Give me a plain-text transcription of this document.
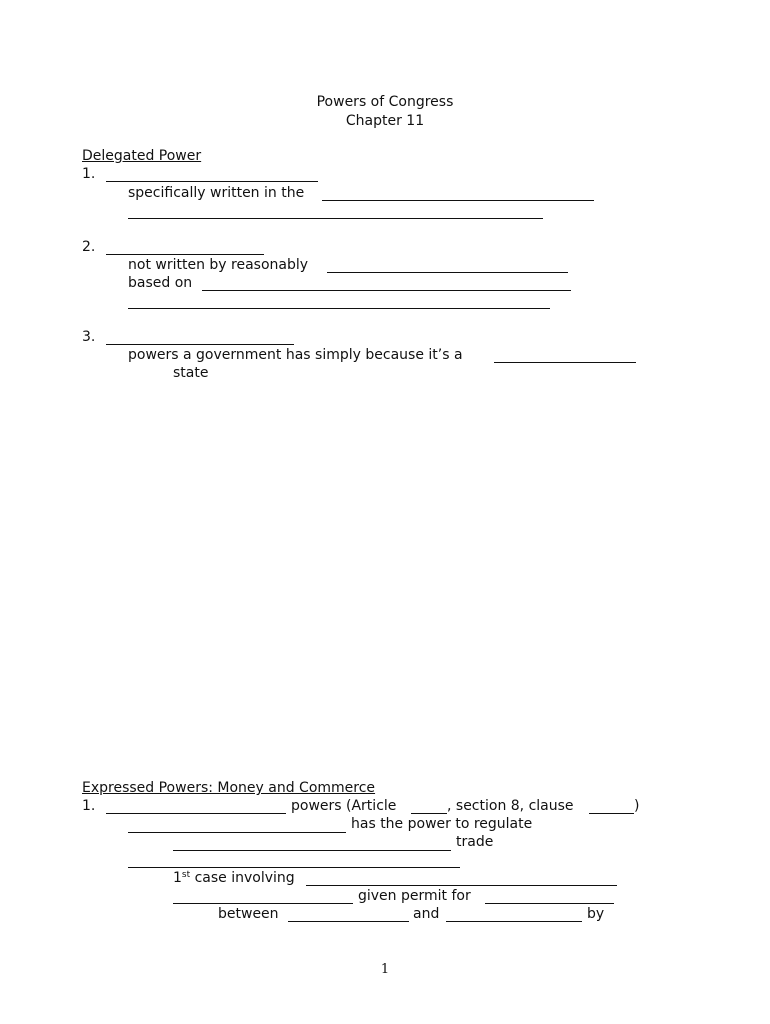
Powers of Congress
Chapter 11
Delegated Power
1.
specifically written in the
2.
not written by reasonably
based on
3.
powers a government has simply because it’s a
state
Expressed Powers: Money and Commerce
1.	powers (Article	, section 8, clause	)
has the power to regulate
trade
1st case involving
given permit for
between	and	by
1
